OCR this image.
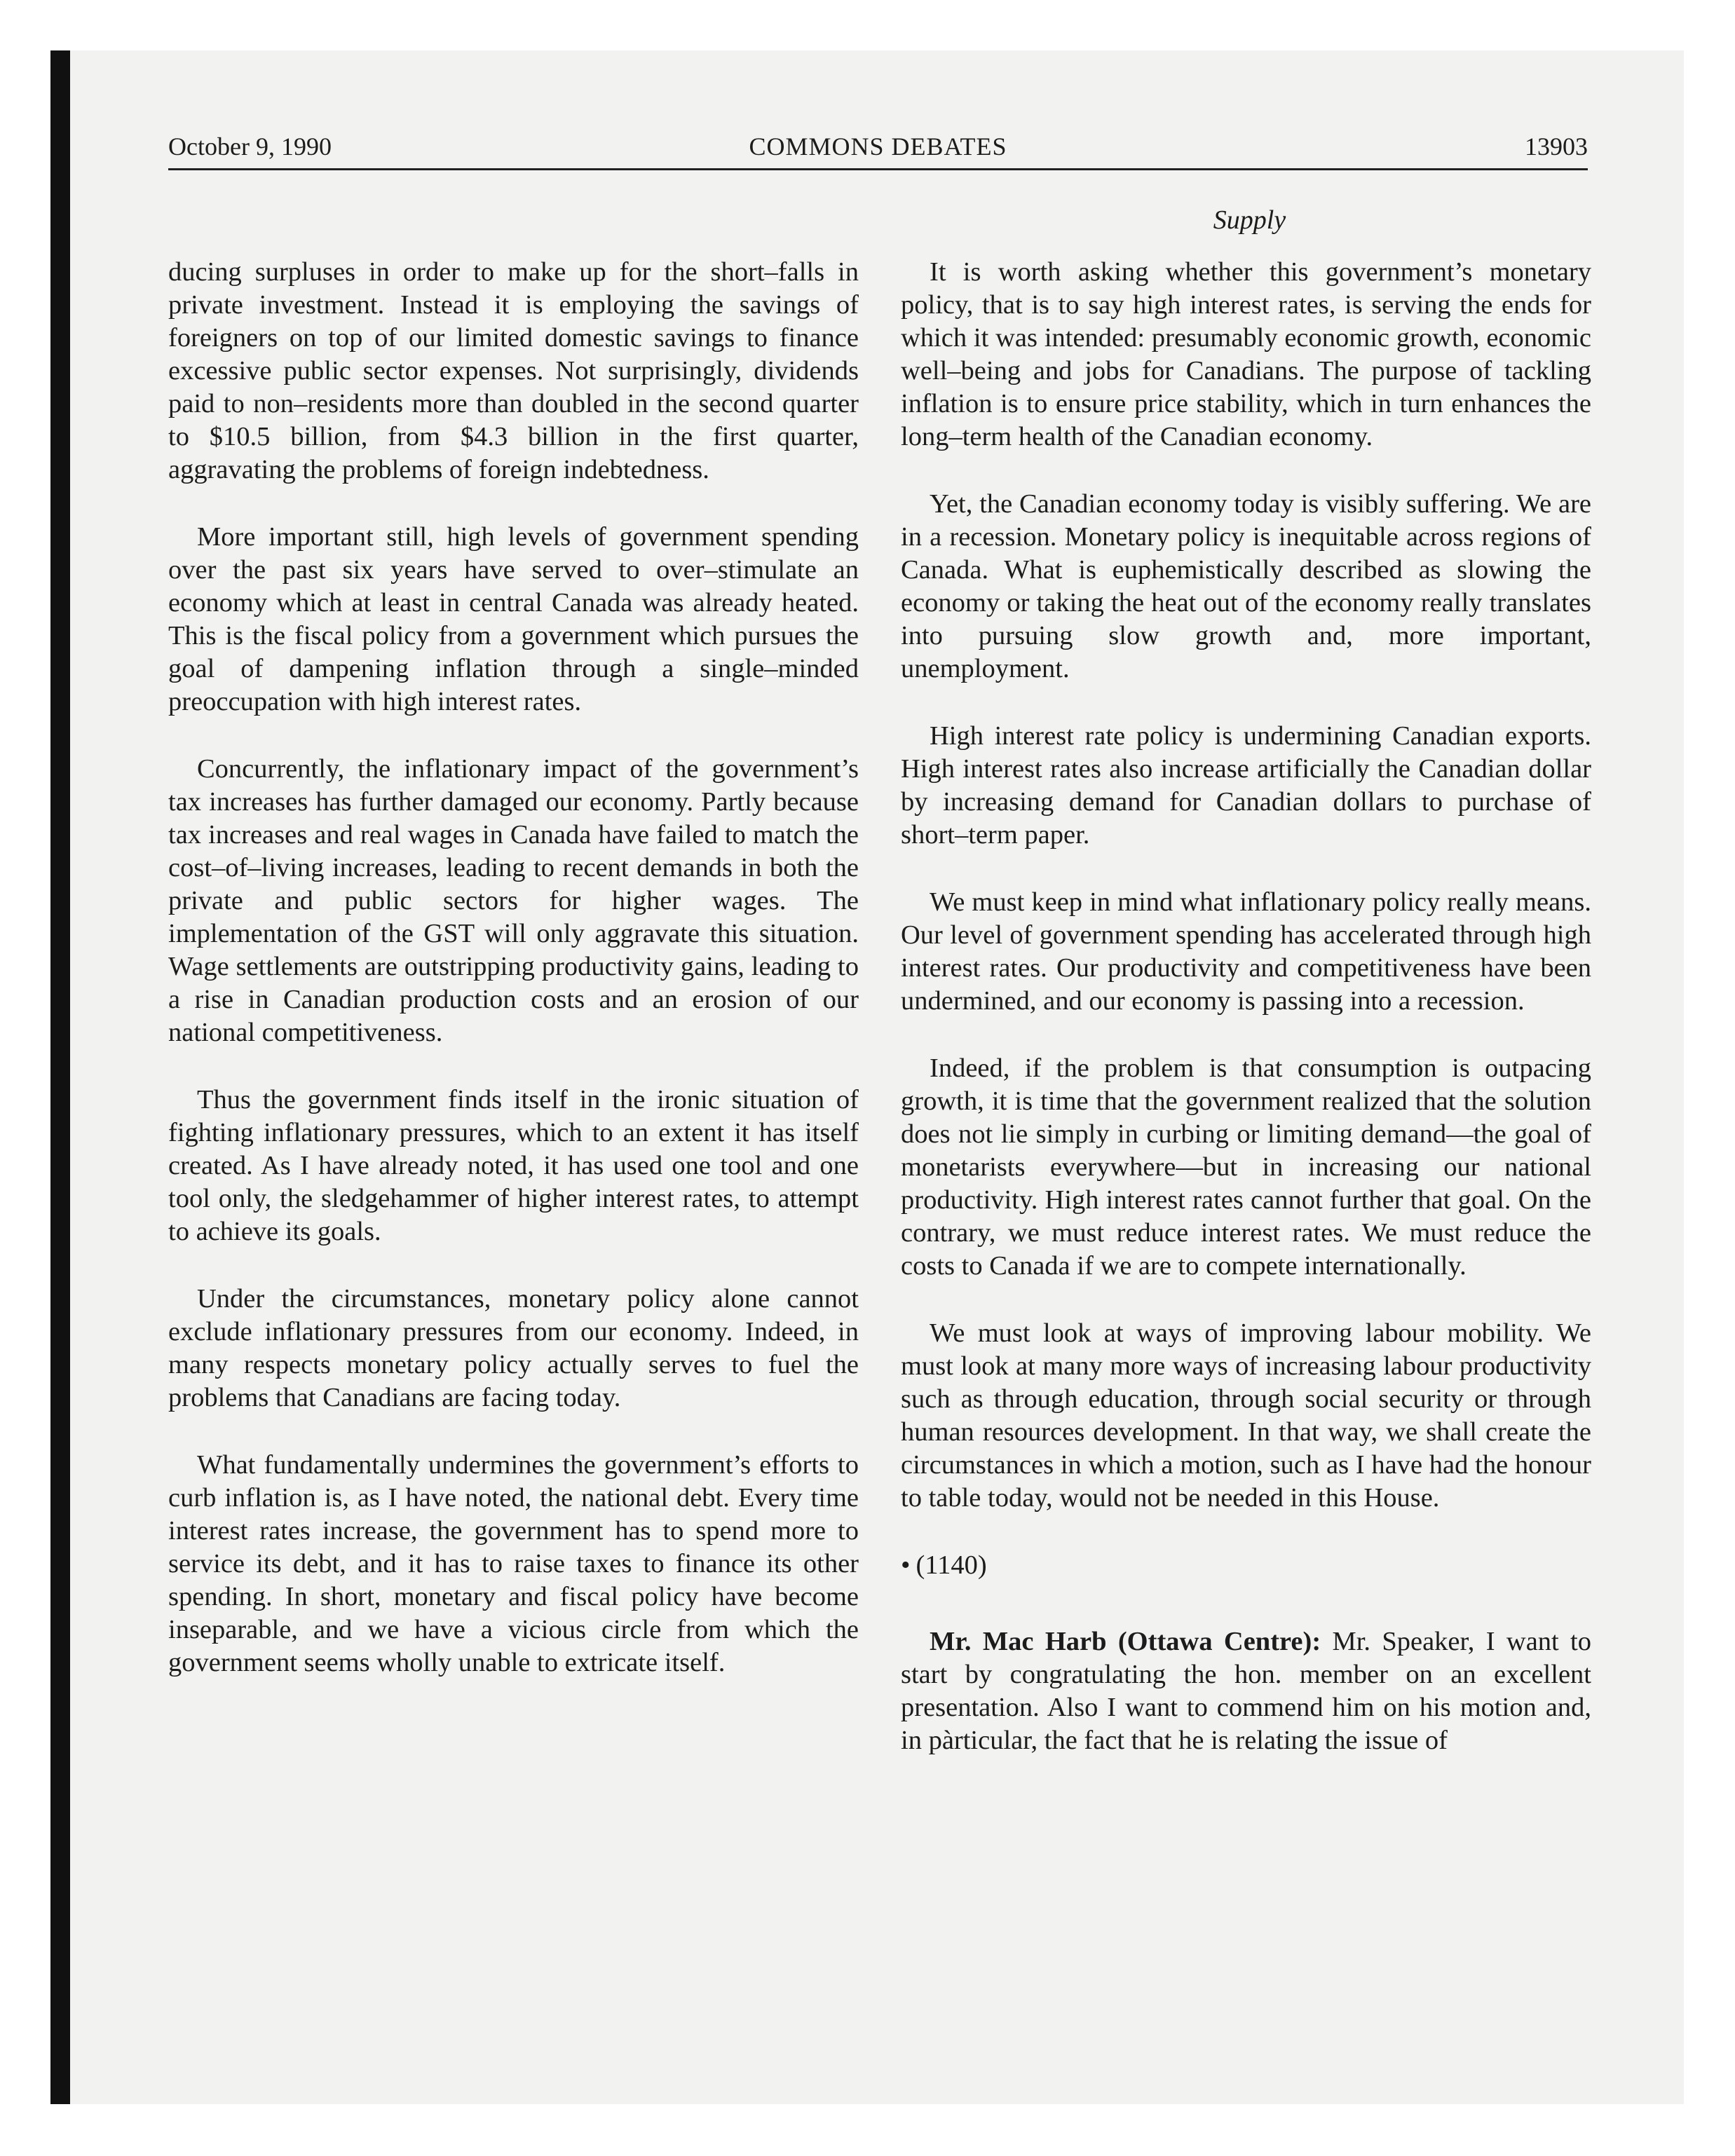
October 9, 1990	COMMONS DEBATES	13903
Supply

ducing surpluses in order to make up for the short–falls in private investment. Instead it is employing the savings of foreigners on top of our limited domestic savings to finance excessive public sector expenses. Not surprisingly, dividends paid to non–residents more than doubled in the second quarter to $10.5 billion, from $4.3 billion in the first quarter, aggravating the problems of foreign indebtedness.

More important still, high levels of government spending over the past six years have served to over–stimulate an economy which at least in central Canada was already heated. This is the fiscal policy from a government which pursues the goal of dampening inflation through a single–minded preoccupation with high interest rates.

Concurrently, the inflationary impact of the government’s tax increases has further damaged our economy. Partly because tax increases and real wages in Canada have failed to match the cost–of–living increases, leading to recent demands in both the private and public sectors for higher wages. The implementation of the GST will only aggravate this situation. Wage settlements are outstripping productivity gains, leading to a rise in Canadian production costs and an erosion of our national competitiveness.

Thus the government finds itself in the ironic situation of fighting inflationary pressures, which to an extent it has itself created. As I have already noted, it has used one tool and one tool only, the sledgehammer of higher interest rates, to attempt to achieve its goals.

Under the circumstances, monetary policy alone cannot exclude inflationary pressures from our economy. Indeed, in many respects monetary policy actually serves to fuel the problems that Canadians are facing today.

What fundamentally undermines the government’s efforts to curb inflation is, as I have noted, the national debt. Every time interest rates increase, the government has to spend more to service its debt, and it has to raise taxes to finance its other spending. In short, monetary and fiscal policy have become inseparable, and we have a vicious circle from which the government seems wholly unable to extricate itself.

It is worth asking whether this government’s monetary policy, that is to say high interest rates, is serving the ends for which it was intended: presumably economic growth, economic well–being and jobs for Canadians. The purpose of tackling inflation is to ensure price stability, which in turn enhances the long–term health of the Canadian economy.

Yet, the Canadian economy today is visibly suffering. We are in a recession. Monetary policy is inequitable across regions of Canada. What is euphemistically described as slowing the economy or taking the heat out of the economy really translates into pursuing slow growth and, more important, unemployment.

High interest rate policy is undermining Canadian exports. High interest rates also increase artificially the Canadian dollar by increasing demand for Canadian dollars to purchase of short–term paper.

We must keep in mind what inflationary policy really means. Our level of government spending has accelerated through high interest rates. Our productivity and competitiveness have been undermined, and our economy is passing into a recession.

Indeed, if the problem is that consumption is outpacing growth, it is time that the government realized that the solution does not lie simply in curbing or limiting demand—the goal of monetarists everywhere—but in increasing our national productivity. High interest rates cannot further that goal. On the contrary, we must reduce interest rates. We must reduce the costs to Canada if we are to compete internationally.

We must look at ways of improving labour mobility. We must look at many more ways of increasing labour productivity such as through education, through social security or through human resources development. In that way, we shall create the circumstances in which a motion, such as I have had the honour to table today, would not be needed in this House.

• (1140)

Mr. Mac Harb (Ottawa Centre): Mr. Speaker, I want to start by congratulating the hon. member on an excellent presentation. Also I want to commend him on his motion and, in pàrticular, the fact that he is relating the issue of
